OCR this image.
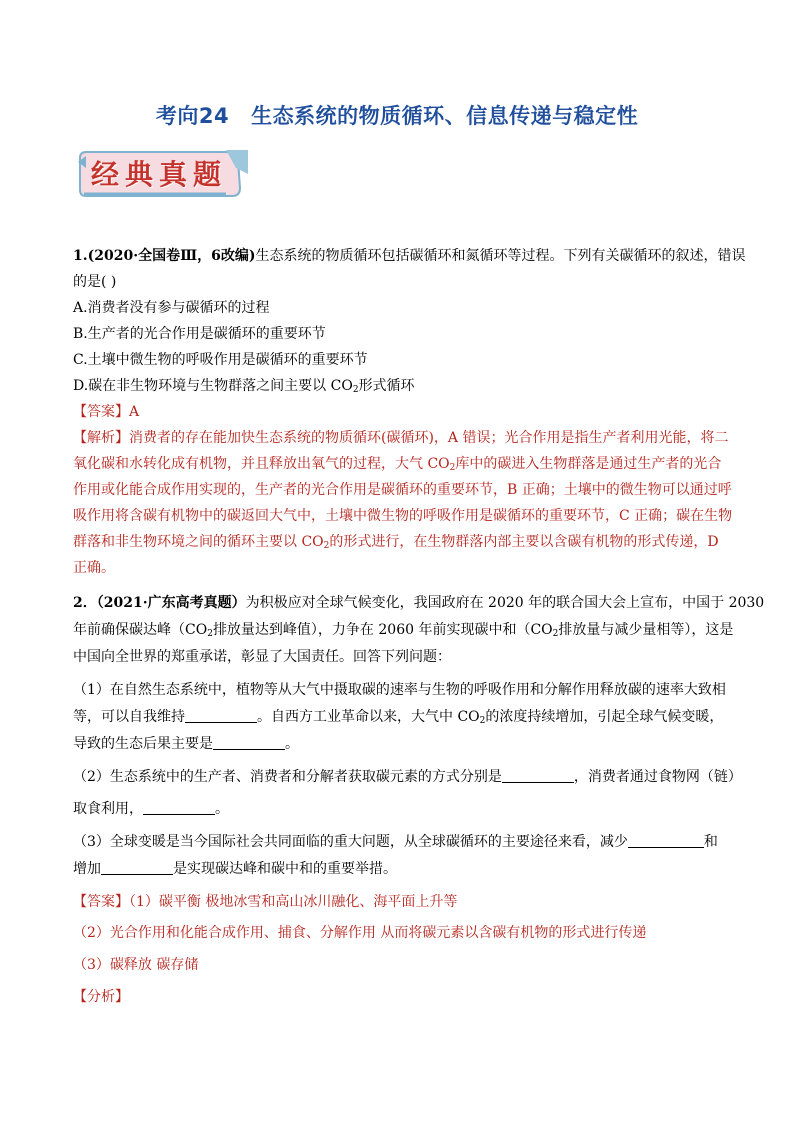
考向24 生态系统的物质循环、信息传递与稳定性
经典真题
1.(2020·全国卷Ⅲ，6改编)生态系统的物质循环包括碳循环和氮循环等过程。下列有关碳循环的叙述，错误
的是( )
A.消费者没有参与碳循环的过程
B.生产者的光合作用是碳循环的重要环节
C.土壤中微生物的呼吸作用是碳循环的重要环节
D.碳在非生物环境与生物群落之间主要以 $CO_2$形式循环
【答案】A
【解析】消费者的存在能加快生态系统的物质循环(碳循环)，A 错误；光合作用是指生产者利用光能，将二
氧化碳和水转化成有机物，并且释放出氧气的过程，大气 $CO_2$库中的碳进入生物群落是通过生产者的光合
作用或化能合成作用实现的，生产者的光合作用是碳循环的重要环节，B 正确；土壤中的微生物可以通过呼
吸作用将含碳有机物中的碳返回大气中，土壤中微生物的呼吸作用是碳循环的重要环节，C 正确；碳在生物
群落和非生物环境之间的循环主要以 $CO_2$的形式进行，在生物群落内部主要以含碳有机物的形式传递，D
正确。
2．（2021·广东高考真题）为积极应对全球气候变化，我国政府在 2020 年的联合国大会上宣布，中国于 2030
年前确保碳达峰（$CO_2$排放量达到峰值），力争在 2060 年前实现碳中和（$CO_2$排放量与减少量相等），这是
中国向全世界的郑重承诺，彰显了大国责任。回答下列问题：
（1）在自然生态系统中，植物等从大气中摄取碳的速率与生物的呼吸作用和分解作用释放碳的速率大致相
等，可以自我维持	。自西方工业革命以来，大气中 $CO_2$的浓度持续增加，引起全球气候变暖，
导致的生态后果主要是	。
（2）生态系统中的生产者、消费者和分解者获取碳元素的方式分别是	，消费者通过食物网（链）
取食利用，	。
（3）全球变暖是当今国际社会共同面临的重大问题，从全球碳循环的主要途径来看，减少	和
增加	是实现碳达峰和碳中和的重要举措。
【答案】（1）碳平衡 极地冰雪和高山冰川融化、海平面上升等
（2）光合作用和化能合成作用、捕食、分解作用 从而将碳元素以含碳有机物的形式进行传递
（3）碳释放 碳存储
【分析】
